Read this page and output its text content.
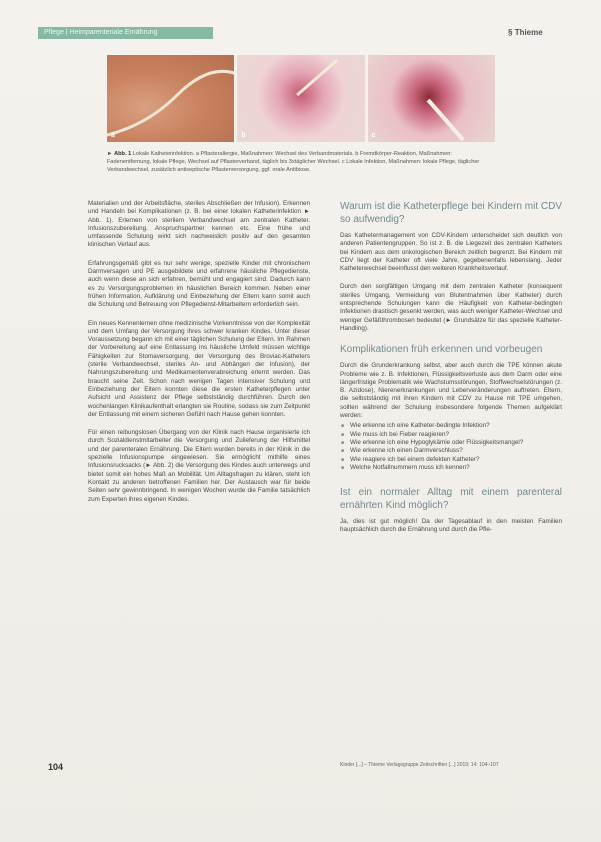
Pflege | Heimparenteriale Ernährung	§ Thieme
a	b	c
► Abb. 1 Lokale Katheterinfektion. a Pflasterallergie, Maßnahmen: Wechsel des Verbandmaterials. b Fremdkörper-Reaktion, Maßnahmen: Fadenentfernung, lokale Pflege, Wechsel auf Pflasterverband, täglich bis 3xtäglicher Wechsel. c Lokale Infektion, Maßnahmen: lokale Pflege, täglicher Verbandwechsel, zusätzlich antiseptische Pflasterversorgung, ggf. orale Antibiose.

Materialien und der Arbeitsfläche, steriles Abschließen der Infusion). Erkennen und Handeln bei Komplikationen (z. B. bei einer lokalen Katheterinfektion ► Abb. 1). Erlernen von sterilem Verbandwechsel am zentralen Katheter. Infusionszubereitung. Anspruchspartner kennen etc. Eine frühe und umfassende Schulung wirkt sich nachweislich positiv auf den gesamten klinischen Verlauf aus.

Erfahrungsgemäß gibt es nur sehr wenige, spezielle Kinder mit chronischem Darmversagen und PE ausgebildete und erfahrene häusliche Pflegedienste, auch wenn diese an sich erfahren, bemüht und engagiert sind. Dadurch kann es zu Versorgungsproblemen im häuslichen Bereich kommen. Neben einer frühen Information, Aufklärung und Einbeziehung der Eltern kann somit auch die Schulung und Betreuung von Pflegedienst-Mitarbeitern erforderlich sein.

Ein neues Kennenlernen ohne medizinische Vorkenntnisse von der Komplexität und dem Umfang der Versorgung ihres schwer kranken Kindes. Unter dieser Voraussetzung begann ich mit einer täglichen Schulung der Eltern. Im Rahmen der Vorbereitung auf eine Entlassung ins häusliche Umfeld müssen wichtige Fähigkeiten zur Stomaversorgung, der Versorgung des Broviac-Katheters (sterile Verbandwechsel, steriles An- und Abhängen der Infusion), der Nahrungszubereitung und Medikamentenverabreichung erlernt werden. Das braucht seine Zeit. Schon nach wenigen Tagen intensiver Schulung und Einbeziehung der Eltern konnten diese die ersten Katheterpflegen unter Aufsicht und Assistenz der Pflege selbstständig durchführen. Durch den wochenlangen Klinikaufenthalt erlangten sie Routine, sodass sie zum Zeitpunkt der Entlassung mit einem sicheren Gefühl nach Hause gehen konnten.

Für einen reibungslosen Übergang von der Klinik nach Hause organisierte ich durch Sozialdienstmitarbeiter die Versorgung und Zulieferung der Hilfsmittel und der parenteralen Ernährung. Die Eltern wurden bereits in der Klinik in die spezielle Infusionspumpe eingewiesen. Sie ermöglicht mithilfe eines Infusionsrucksacks (► Abb. 2) die Versorgung des Kindes auch unterwegs und bietet somit ein hohes Maß an Mobilität. Um Alltagsfragen zu klären, steht ich Kontakt zu anderen betroffenen Familien her. Der Austausch war für beide Seiten sehr gewinnbringend. In wenigen Wochen wurde die Familie tatsächlich zum Experten ihres eigenen Kindes.

Warum ist die Katheterpflege bei Kindern mit CDV so aufwendig?

Das Kathetermanagement von CDV-Kindern unterscheidet sich deutlich von anderen Patientengruppen. So ist z. B. die Liegezeit des zentralen Katheters bei Kindern aus dem onkologischen Bereich zeitlich begrenzt. Bei Kindern mit CDV liegt der Katheter oft viele Jahre, gegebenenfalls lebenslang. Jeder Katheterwechsel beeinflusst den weiteren Krankheitsverlauf.

Durch den sorgfältigen Umgang mit dem zentralen Katheter (konsequent steriles Umgang, Vermeidung von Blutentnahmen über Katheter) durch entsprechende Schulungen kann die Häufigkeit von Katheter-bedingten Infektionen drastisch gesenkt werden, was auch weniger Katheter-Wechsel und weniger Gefäßthrombosen bedeutet (► Grundsätze für das spezielle Katheter-Handling).

Komplikationen früh erkennen und vorbeugen

Durch die Grunderkrankung selbst, aber auch durch die TPE können akute Probleme wie z. B. Infektionen, Flüssigkeitsverluste aus dem Darm oder eine längerfristige Problematik wie Wachstumsstörungen, Stoffwechselstörungen (z. B. Azidose), Nierenerkrankungen und Leberveränderungen auftreten. Eltern, die selbstständig mit ihren Kindern mit CDV zu Hause mit TPE umgehen, sollten während der Schulung insbesondere folgende Themen aufgeklärt werden:

■ Wie erkenne ich eine Katheter-bedingte Infektion?
■ Wie muss ich bei Fieber reagieren?
■ Wie erkenne ich eine Hypoglykämie oder Flüssigkeitsmangel?
■ Wie erkenne ich einen Darmverschluss?
■ Wie reagiere ich bei einem defekten Katheter?
■ Welche Notfallnummern muss ich kennen?
Ist ein normaler Alltag mit einem parenteral ernährten Kind möglich?

Ja, dies ist gut möglich! Da der Tagesablauf in den meisten Familien hauptsächlich durch die Ernährung und durch die Pfle-

104	Kinder [...] – Thieme Verlagsgruppe Zeitschriften [...] 2019; 14: 104–107
